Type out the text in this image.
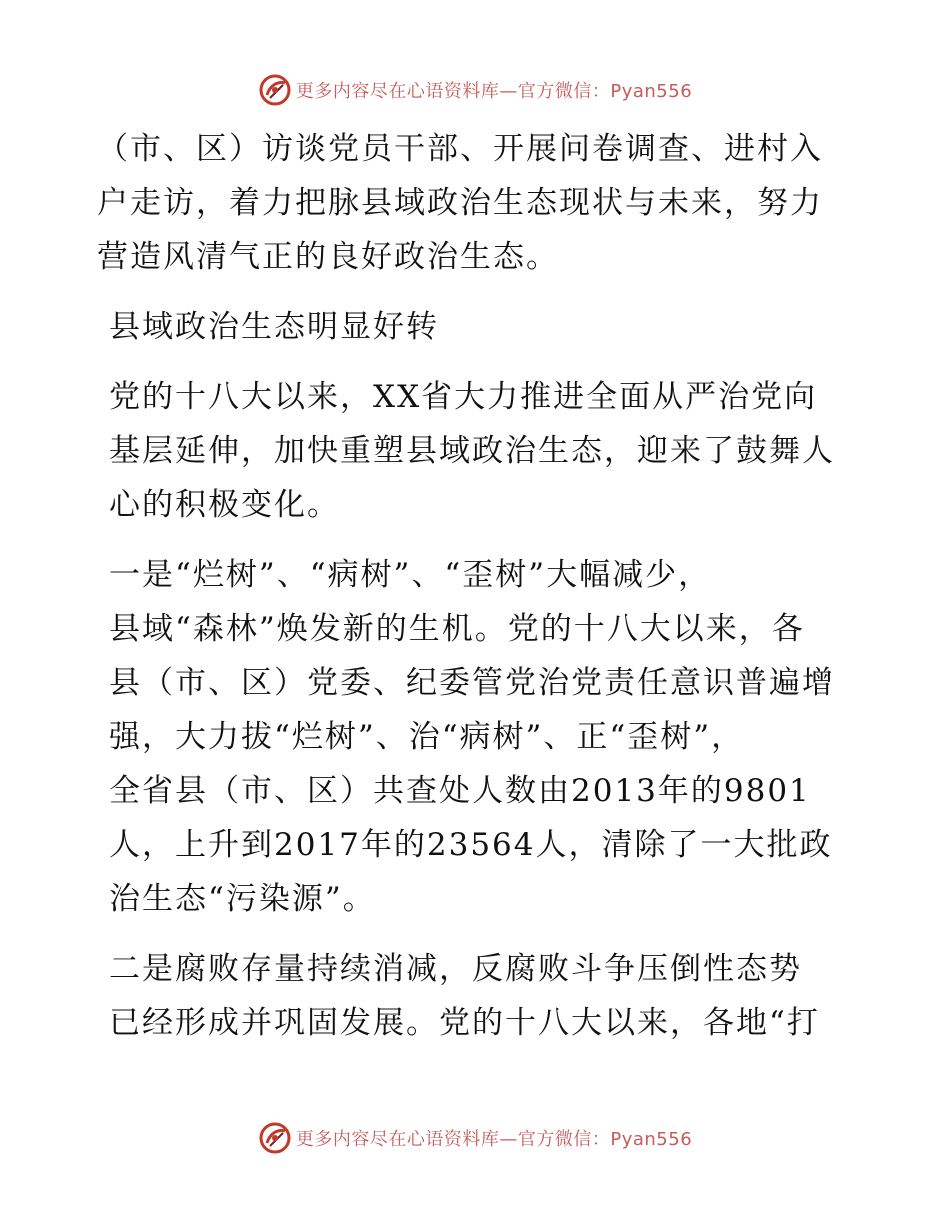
更多内容尽在心语资料库—官方微信：Pyan556
（市、区）访谈党员干部、开展问卷调查、进村入
户走访，着力把脉县域政治生态现状与未来，努力
营造风清气正的良好政治生态。
县域政治生态明显好转
党的十八大以来，XX省大力推进全面从严治党向
基层延伸，加快重塑县域政治生态，迎来了鼓舞人
心的积极变化。
一是“烂树”、“病树”、“歪树”大幅减少，
县域“森林”焕发新的生机。党的十八大以来，各
县（市、区）党委、纪委管党治党责任意识普遍增
强，大力拔“烂树”、治“病树”、正“歪树”，
全省县（市、区）共查处人数由2013年的9801
人，上升到2017年的23564人，清除了一大批政
治生态“污染源”。
二是腐败存量持续消减，反腐败斗争压倒性态势
已经形成并巩固发展。党的十八大以来，各地“打
更多内容尽在心语资料库—官方微信：Pyan556
